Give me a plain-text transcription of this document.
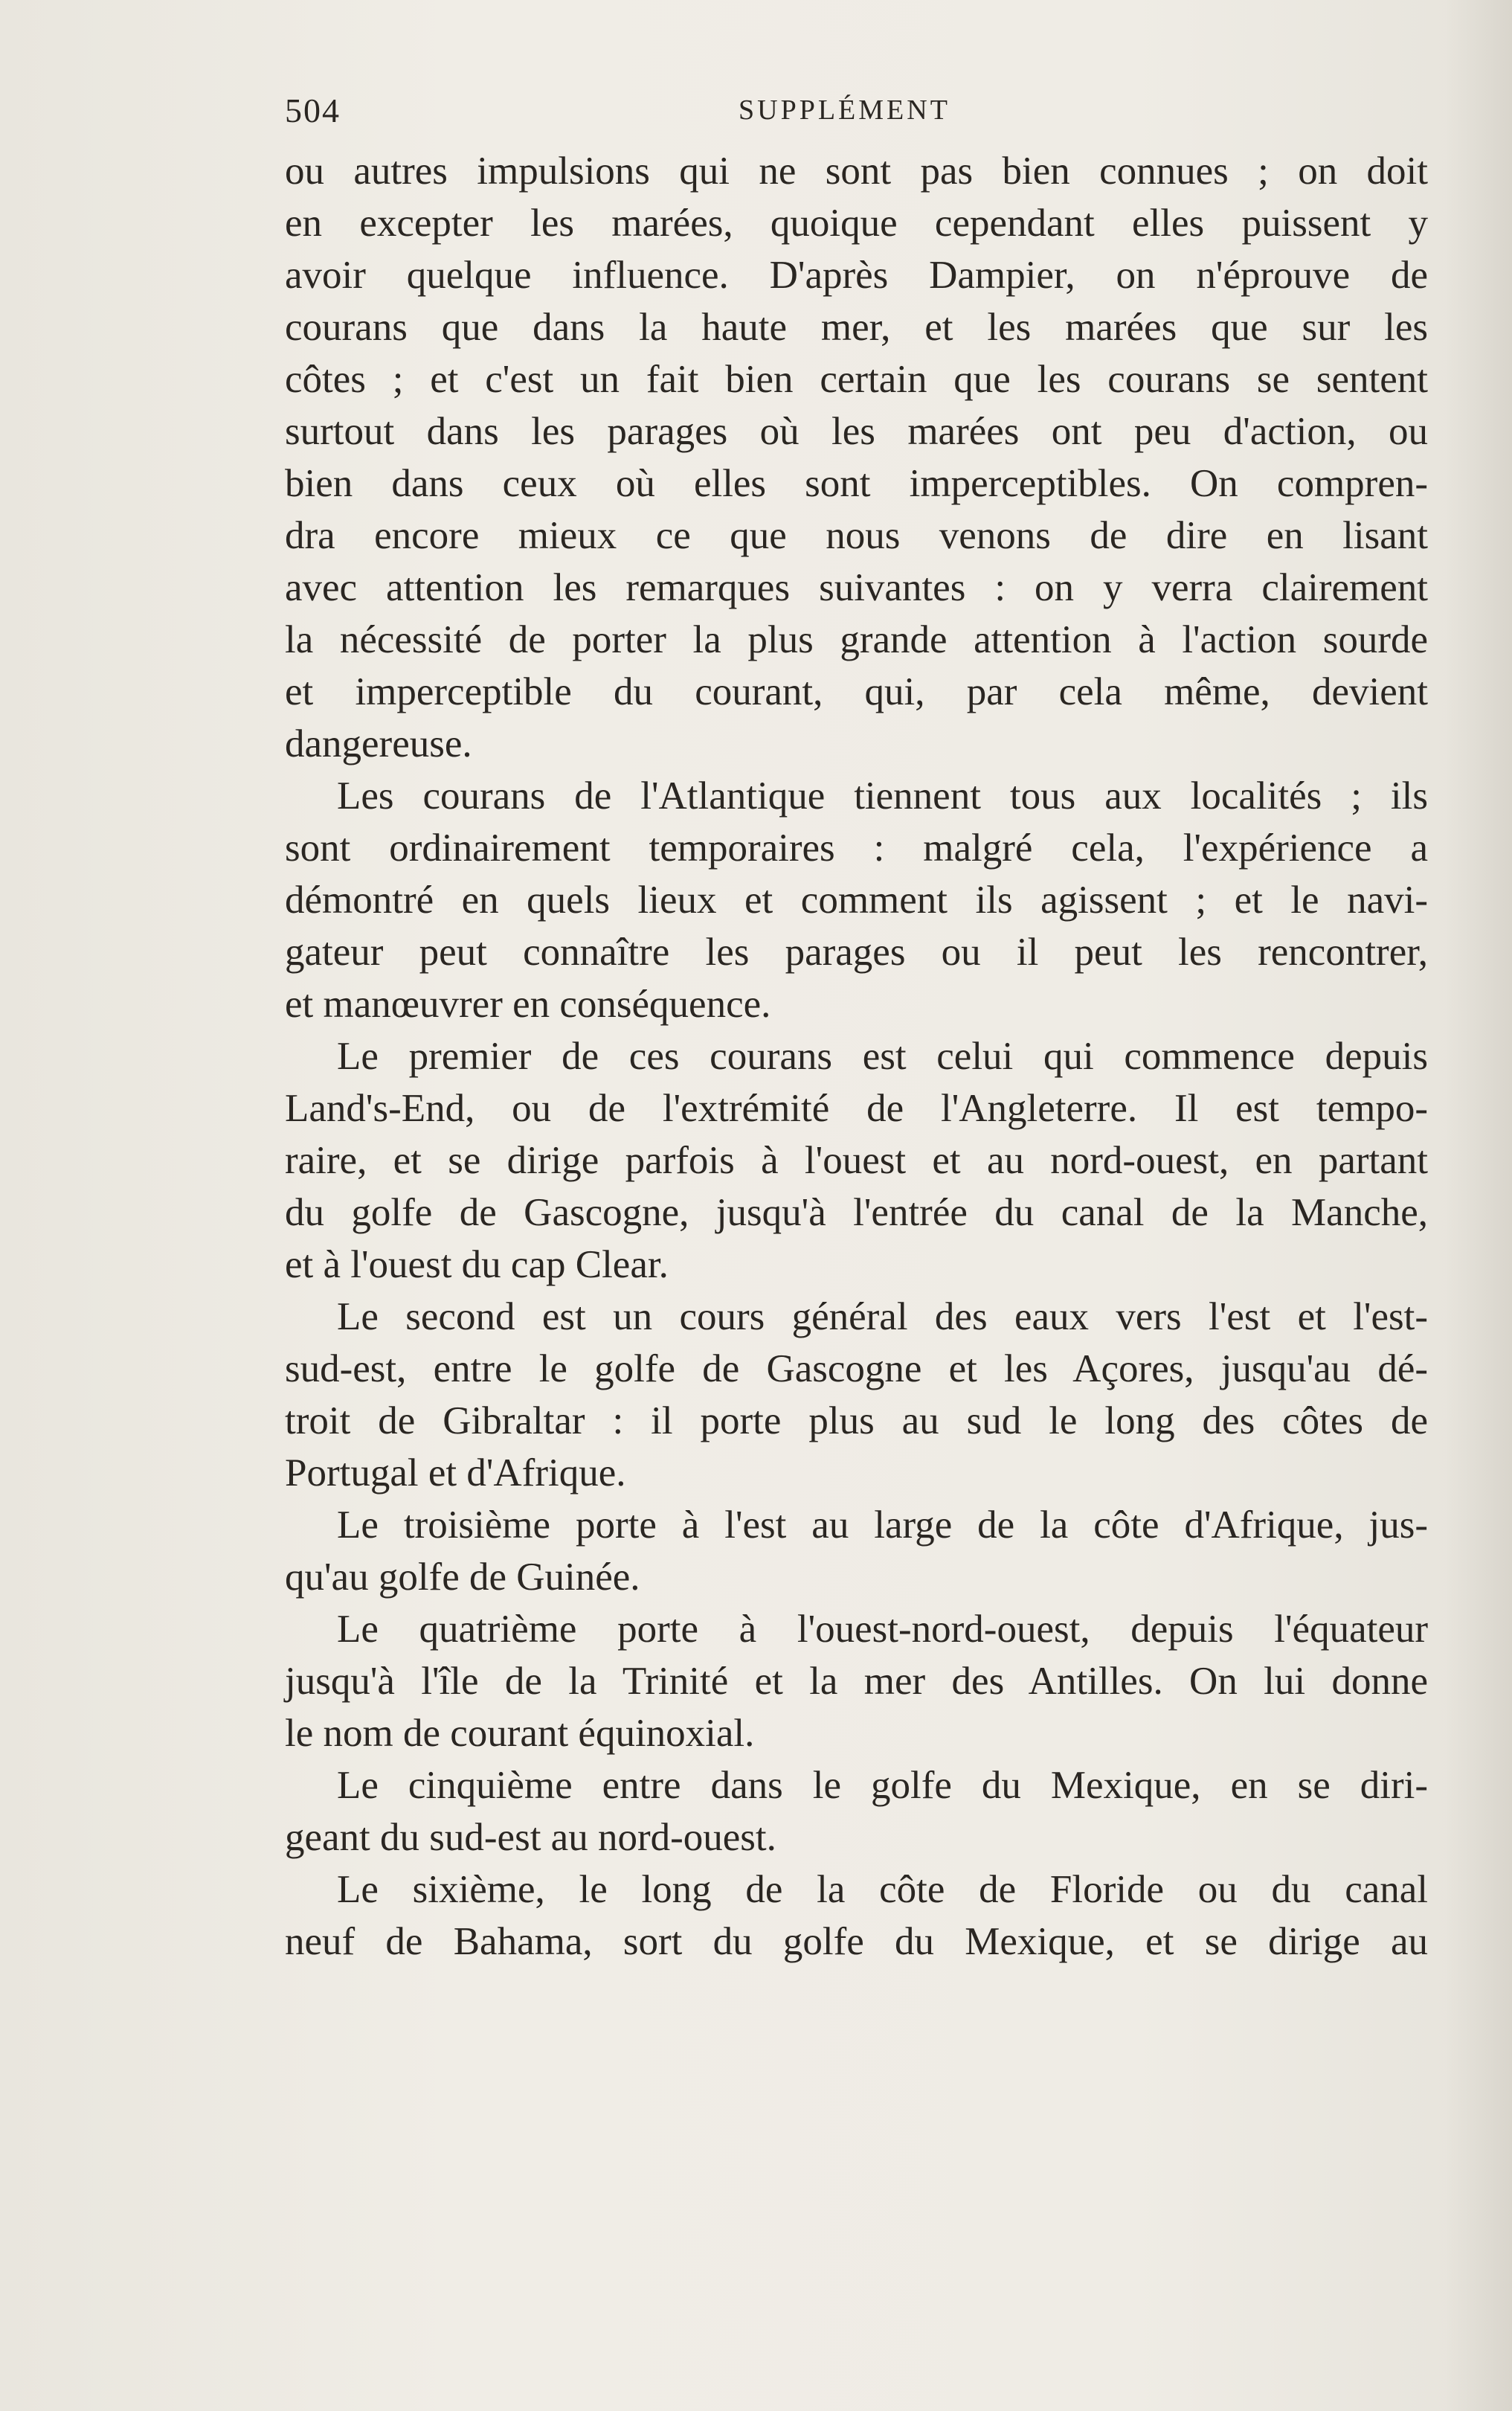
504	SUPPLÉMENT
ou autres impulsions qui ne sont pas bien connues ; on doit
en excepter les marées, quoique cependant elles puissent y
avoir quelque influence. D'après Dampier, on n'éprouve de
courans que dans la haute mer, et les marées que sur les
côtes ; et c'est un fait bien certain que les courans se sentent
surtout dans les parages où les marées ont peu d'action, ou
bien dans ceux où elles sont imperceptibles. On compren-
dra encore mieux ce que nous venons de dire en lisant
avec attention les remarques suivantes : on y verra clairement
la nécessité de porter la plus grande attention à l'action sourde
et imperceptible du courant, qui, par cela même, devient
dangereuse.
Les courans de l'Atlantique tiennent tous aux localités ; ils
sont ordinairement temporaires : malgré cela, l'expérience a
démontré en quels lieux et comment ils agissent ; et le navi-
gateur peut connaître les parages ou il peut les rencontrer,
et manœuvrer en conséquence.
Le premier de ces courans est celui qui commence depuis
Land's-End, ou de l'extrémité de l'Angleterre. Il est tempo-
raire, et se dirige parfois à l'ouest et au nord-ouest, en partant
du golfe de Gascogne, jusqu'à l'entrée du canal de la Manche,
et à l'ouest du cap Clear.
Le second est un cours général des eaux vers l'est et l'est-
sud-est, entre le golfe de Gascogne et les Açores, jusqu'au dé-
troit de Gibraltar : il porte plus au sud le long des côtes de
Portugal et d'Afrique.
Le troisième porte à l'est au large de la côte d'Afrique, jus-
qu'au golfe de Guinée.
Le quatrième porte à l'ouest-nord-ouest, depuis l'équateur
jusqu'à l'île de la Trinité et la mer des Antilles. On lui donne
le nom de courant équinoxial.
Le cinquième entre dans le golfe du Mexique, en se diri-
geant du sud-est au nord-ouest.
Le sixième, le long de la côte de Floride ou du canal
neuf de Bahama, sort du golfe du Mexique, et se dirige au
